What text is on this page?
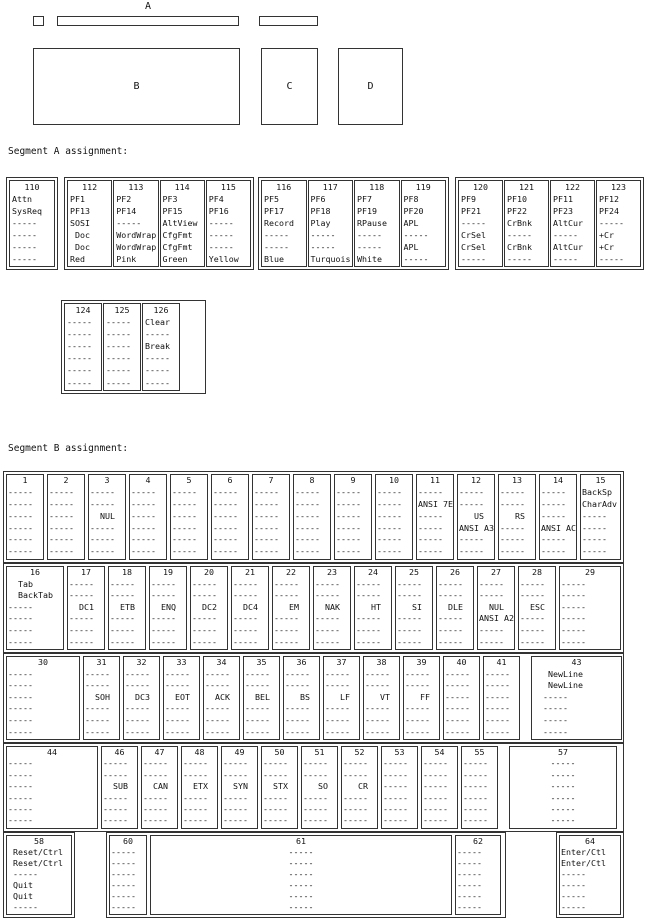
A
B	C	D
Segment A assignment:
110
Attn
SysReq
-----
-----
-----
-----
112
PF1
PF13
SOSI
Doc
Doc
Red
113
PF2
PF14
-----
WordWrap
WordWrap
Pink
114
PF3
PF15
AltView
CfgFmt
CfgFmt
Green
115
PF4
PF16
-----
-----
-----
Yellow
116
PF5
PF17
Record
-----
-----
Blue
117
PF6
PF18
Play
-----
-----
Turquois
118
PF7
PF19
RPause
-----
-----
White
119
PF8
PF20
APL
-----
APL
-----
120
PF9
PF21
-----
CrSel
CrSel
-----
121
PF10
PF22
CrBnk
-----
CrBnk
-----
122
PF11
PF23
AltCur
-----
AltCur
-----
123
PF12
PF24
-----
+Cr
+Cr
-----
124
-----
-----
-----
-----
-----
-----
125
-----
-----
-----
-----
-----
-----
126
Clear
-----
Break
-----
-----
-----
Segment B assignment:
1
-----
-----
-----
-----
-----
-----
2
-----
-----
-----
-----
-----
-----
3
-----
-----
NUL
-----
-----
-----
4
-----
-----
-----
-----
-----
-----
5
-----
-----
-----
-----
-----
-----
6
-----
-----
-----
-----
-----
-----
7
-----
-----
-----
-----
-----
-----
8
-----
-----
-----
-----
-----
-----
9
-----
-----
-----
-----
-----
-----
10
-----
-----
-----
-----
-----
-----
11
-----
ANSI 7E
-----
-----
-----
-----
12
-----
-----
US
ANSI A3
-----
-----
13
-----
-----
RS
-----
-----
-----
14
-----
-----
-----
ANSI AC
-----
-----
15
BackSp
CharAdv
-----
-----
-----
-----
16
Tab
BackTab
-----
-----
-----
-----
17
-----
-----
DC1
-----
-----
-----
18
-----
-----
ETB
-----
-----
-----
19
-----
-----
ENQ
-----
-----
-----
20
-----
-----
DC2
-----
-----
-----
21
-----
-----
DC4
-----
-----
-----
22
-----
-----
EM
-----
-----
-----
23
-----
-----
NAK
-----
-----
-----
24
-----
-----
HT
-----
-----
-----
25
-----
-----
SI
-----
-----
-----
26
-----
-----
DLE
-----
-----
-----
27
-----
-----
NUL
ANSI A2
-----
-----
28
-----
-----
ESC
-----
-----
-----
29
-----
-----
-----
-----
-----
-----
30
-----
-----
-----
-----
-----
-----
31
-----
-----
SOH
-----
-----
-----
32
-----
-----
DC3
-----
-----
-----
33
-----
-----
EOT
-----
-----
-----
34
-----
-----
ACK
-----
-----
-----
35
-----
-----
BEL
-----
-----
-----
36
-----
-----
BS
-----
-----
-----
37
-----
-----
LF
-----
-----
-----
38
-----
-----
VT
-----
-----
-----
39
-----
-----
FF
-----
-----
-----
40
-----
-----
-----
-----
-----
-----
41
-----
-----
-----
-----
-----
-----
43
NewLine
NewLine
-----
-----
-----
-----
44
-----
-----
-----
-----
-----
-----
46
-----
-----
SUB
-----
-----
-----
47
-----
-----
CAN
-----
-----
-----
48
-----
-----
ETX
-----
-----
-----
49
-----
-----
SYN
-----
-----
-----
50
-----
-----
STX
-----
-----
-----
51
-----
-----
SO
-----
-----
-----
52
-----
-----
CR
-----
-----
-----
53
-----
-----
-----
-----
-----
-----
54
-----
-----
-----
-----
-----
-----
55
-----
-----
-----
-----
-----
-----
57
-----
-----
-----
-----
-----
-----
58
Reset/Ctrl
Reset/Ctrl
-----
Quit
Quit
-----
60
-----
-----
-----
-----
-----
-----
61
-----
-----
-----
-----
-----
-----
62
-----
-----
-----
-----
-----
-----
64
Enter/Ctl
Enter/Ctl
-----
-----
-----
-----
